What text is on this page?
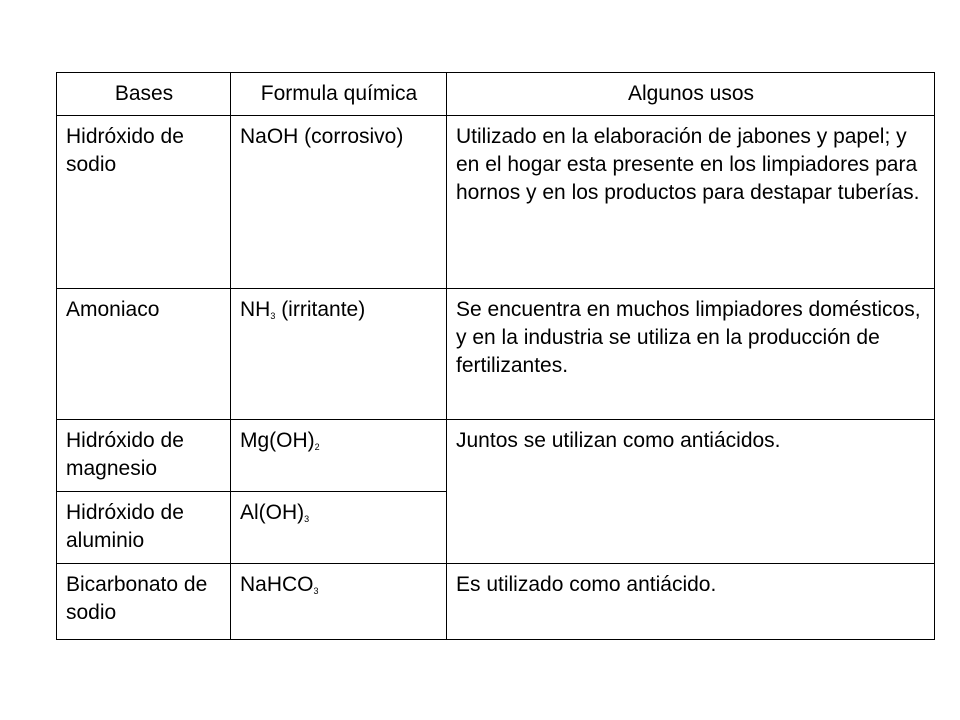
Bases	Formula química	Algunos usos
Hidróxido de sodio	NaOH (corrosivo)	Utilizado en la elaboración de jabones y papel; y en el hogar esta presente en los limpiadores para hornos y en los productos para destapar tuberías.
Amoniaco	$NH_3$ (irritante)	Se encuentra en muchos limpiadores domésticos, y en la industria se utiliza en la producción de fertilizantes.
Hidróxido de magnesio	$Mg(OH)_2$	Juntos se utilizan como antiácidos.
Hidróxido de aluminio	$Al(OH)_3$
Bicarbonato de sodio	NaHCO$_3$	Es utilizado como antiácido.
